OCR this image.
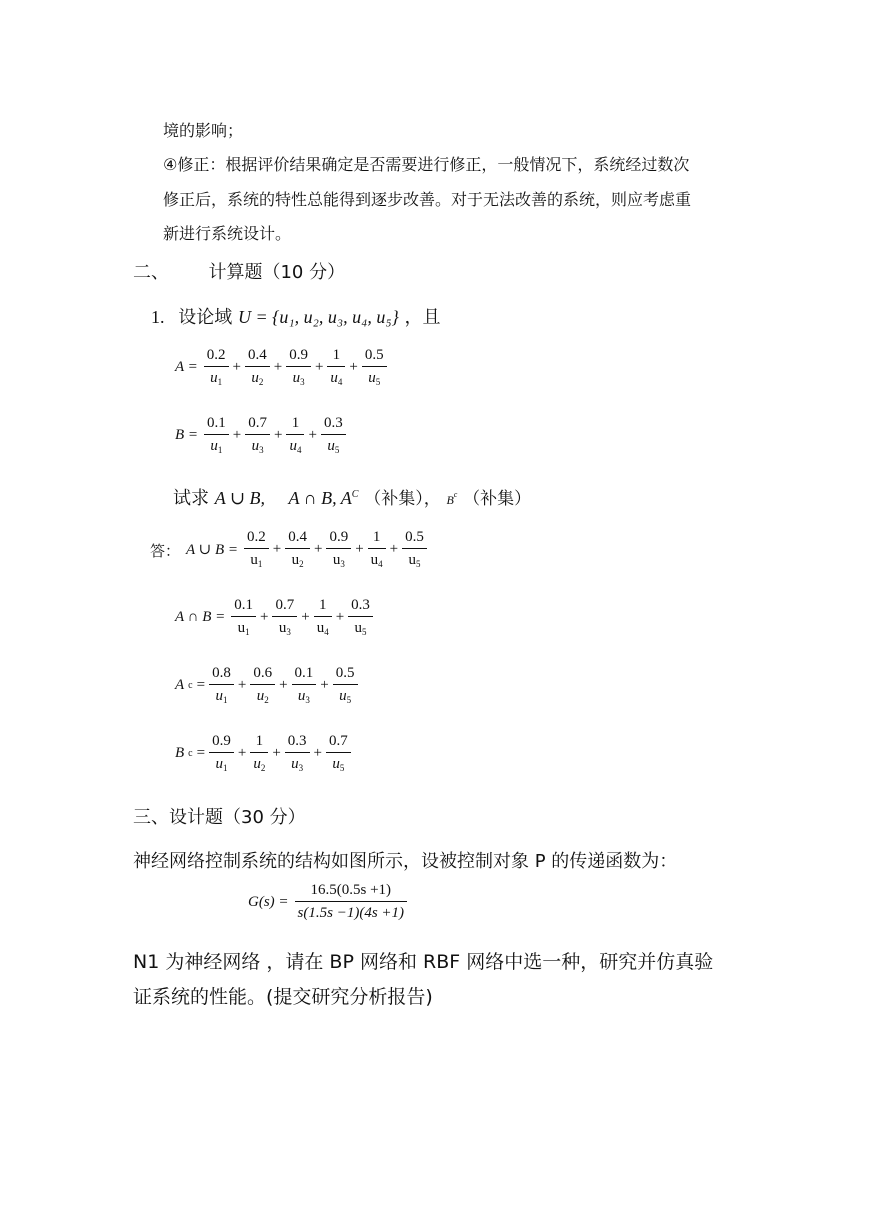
境的影响；
④修正：根据评价结果确定是否需要进行修正，一般情况下，系统经过数次
修正后，系统的特性总能得到逐步改善。对于无法改善的系统，则应考虑重
新进行系统设计。
二、 计算题（10 分）
1. 设论域 U = {u₁, u₂, u₃, u₄, u₅} ，且
$A = \frac{0.2}{u_1} + \frac{0.4}{u_2} + \frac{0.9}{u_3} + \frac{1}{u_4} + \frac{0.5}{u_5}$
$B = \frac{0.1}{u_1} + \frac{0.7}{u_3} + \frac{1}{u_4} + \frac{0.3}{u_5}$
试求 A ∪ B, A ∩ B, $A^C$ （补集）， $B^c$ （补集）
答： A ∪ $B = \frac{0.2}{u_1} + \frac{0.4}{u_2} + \frac{0.9}{u_3} + \frac{1}{u_4} + \frac{0.5}{u_5}$
A ∩ $B = \frac{0.1}{u_1} + \frac{0.7}{u_3} + \frac{1}{u_4} + \frac{0.3}{u_5}$
A $c = \frac{0.8}{u_1} + \frac{0.6}{u_2} + \frac{0.1}{u_3} + \frac{0.5}{u_5}$
B $c = \frac{0.9}{u_1} + \frac{1}{u_2} + \frac{0.3}{u_3} + \frac{0.7}{u_5}$
三、设计题（30 分）
神经网络控制系统的结构如图所示，设被控制对象 P 的传递函数为：
$G(s) = \frac{16.5(0.5s +1)}{s(1.5s -1)(4s +1)}$
N1 为神经网络 ，请在 BP 网络和 RBF 网络中选一种，研究并仿真验
证系统的性能。(提交研究分析报告)
